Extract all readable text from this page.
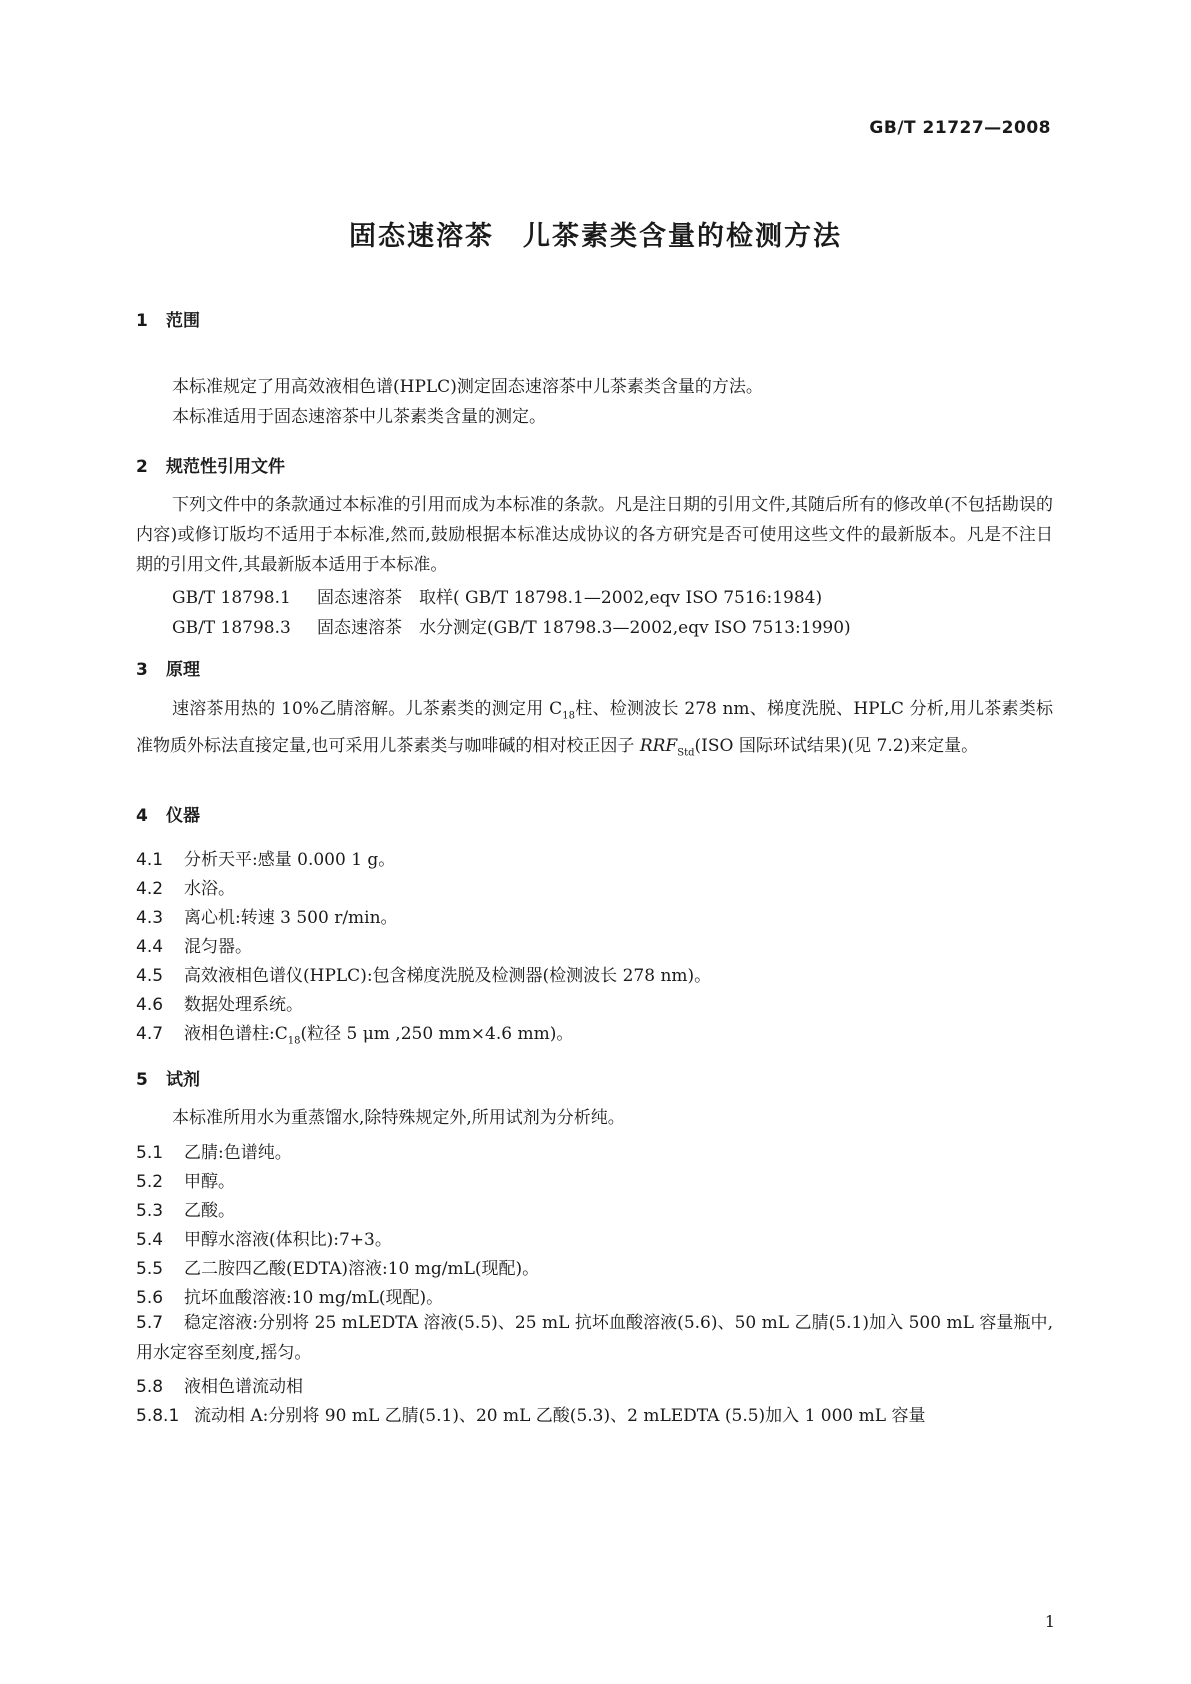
GB/T 21727—2008
固态速溶茶　儿茶素类含量的检测方法
1 范围
本标准规定了用高效液相色谱(HPLC)测定固态速溶茶中儿茶素类含量的方法。
本标准适用于固态速溶茶中儿茶素类含量的测定。
2 规范性引用文件
下列文件中的条款通过本标准的引用而成为本标准的条款。凡是注日期的引用文件,其随后所有的修改单(不包括勘误的内容)或修订版均不适用于本标准,然而,鼓励根据本标准达成协议的各方研究是否可使用这些文件的最新版本。凡是不注日期的引用文件,其最新版本适用于本标准。
GB/T 18798.1 固态速溶茶　取样( GB/T 18798.1—2002,eqv ISO 7516:1984)
GB/T 18798.3 固态速溶茶　水分测定(GB/T 18798.3—2002,eqv ISO 7513:1990)
3 原理
速溶茶用热的 10%乙腈溶解。儿茶素类的测定用 $C_{18}$柱、检测波长 278 nm、梯度洗脱、HPLC 分析,用儿茶素类标准物质外标法直接定量,也可采用儿茶素类与咖啡碱的相对校正因子 $RRF_{Std}(ISO$ 国际环试结果)(见 7.2)来定量。
4 仪器
4.1 分析天平:感量 0.000 1 g。
4.2 水浴。
4.3 离心机:转速 3 500 r/min。
4.4 混匀器。
4.5 高效液相色谱仪(HPLC):包含梯度洗脱及检测器(检测波长 278 nm)。
4.6 数据处理系统。
4.7 液相色谱柱$:C_{18}$(粒径 5 μm ,250 mm×4.6 mm)。
5 试剂
本标准所用水为重蒸馏水,除特殊规定外,所用试剂为分析纯。
5.1 乙腈:色谱纯。
5.2 甲醇。
5.3 乙酸。
5.4 甲醇水溶液(体积比):7+3。
5.5 乙二胺四乙酸(EDTA)溶液:10 mg/mL(现配)。
5.6 抗坏血酸溶液:10 mg/mL(现配)。
5.7 稳定溶液:分别将 25 mLEDTA 溶液(5.5)、25 mL 抗坏血酸溶液(5.6)、50 mL 乙腈(5.1)加入 500 mL 容量瓶中,用水定容至刻度,摇匀。
5.8 液相色谱流动相
5.8.1 流动相 A:分别将 90 mL 乙腈(5.1)、20 mL 乙酸(5.3)、2 mLEDTA (5.5)加入 1 000 mL 容量
1
